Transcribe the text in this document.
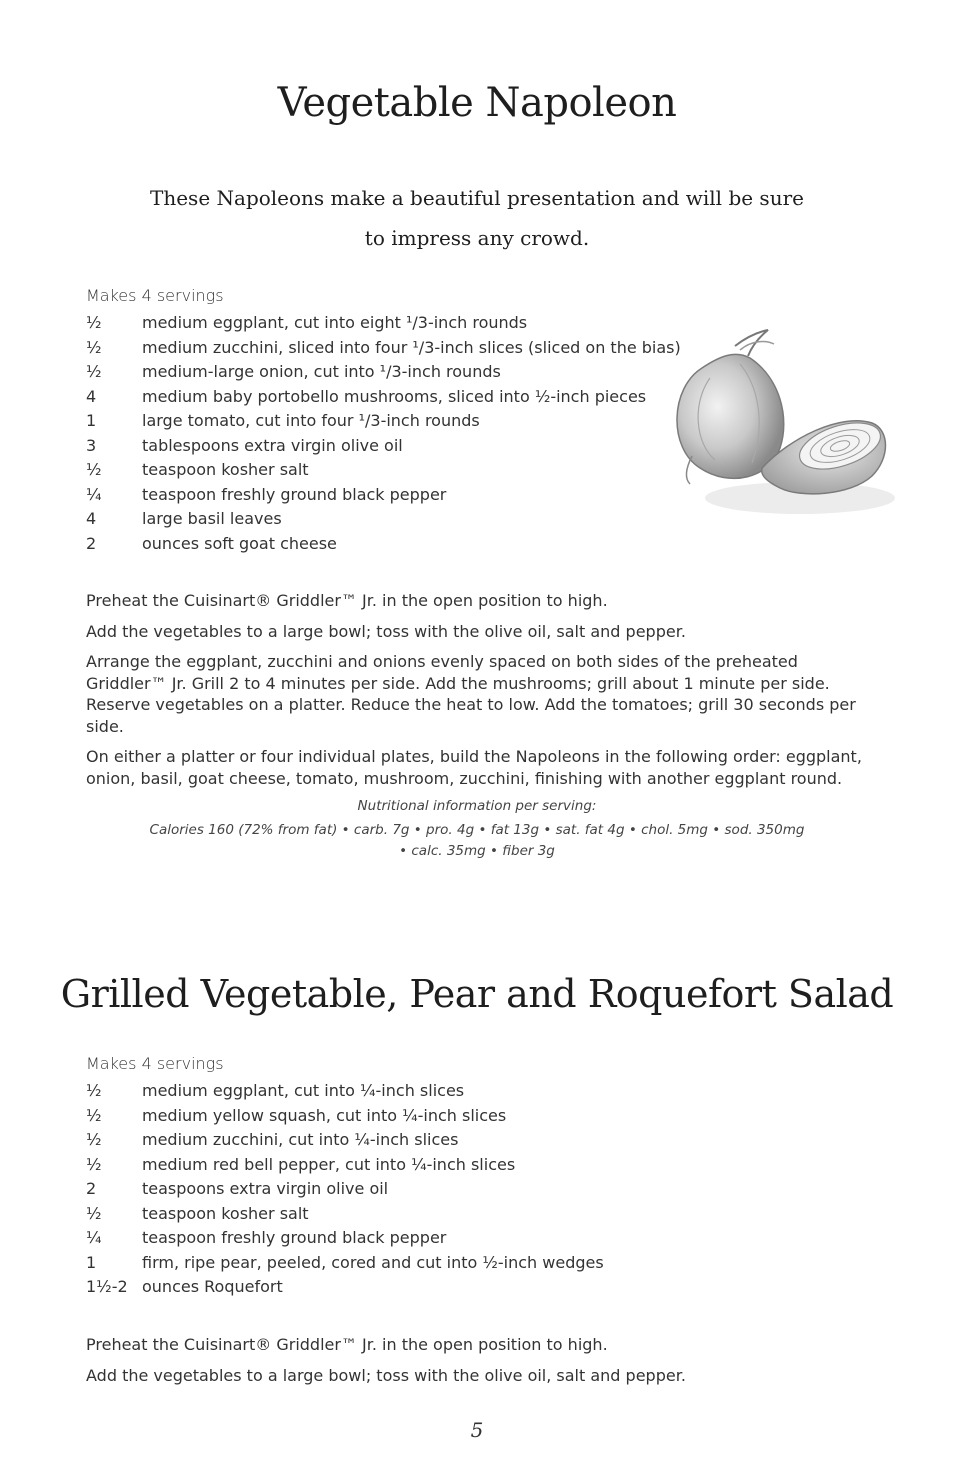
Vegetable Napoleon

These Napoleons make a beautiful presentation and will be sure to impress any crowd.

Makes 4 servings

½	medium eggplant, cut into eight ¹/3-inch rounds
½	medium zucchini, sliced into four ¹/3-inch slices (sliced on the bias)
½	medium-large onion, cut into ¹/3-inch rounds
4	medium baby portobello mushrooms, sliced into ½-inch pieces
1	large tomato, cut into four ¹/3-inch rounds
3	tablespoons extra virgin olive oil
½	teaspoon kosher salt
¼	teaspoon freshly ground black pepper
4	large basil leaves
2	ounces soft goat cheese

Preheat the Cuisinart® Griddler™ Jr. in the open position to high.

Add the vegetables to a large bowl; toss with the olive oil, salt and pepper.

Arrange the eggplant, zucchini and onions evenly spaced on both sides of the preheated Griddler™ Jr. Grill 2 to 4 minutes per side. Add the mushrooms; grill about 1 minute per side. Reserve vegetables on a platter. Reduce the heat to low. Add the tomatoes; grill 30 seconds per side.

On either a platter or four individual plates, build the Napoleons in the following order: eggplant, onion, basil, goat cheese, tomato, mushroom, zucchini, finishing with another eggplant round.

Nutritional information per serving:

Calories 160 (72% from fat) • carb. 7g • pro. 4g • fat 13g • sat. fat 4g • chol. 5mg • sod. 350mg

• calc. 35mg • fiber 3g

Grilled Vegetable, Pear and Roquefort Salad

Makes 4 servings

½	medium eggplant, cut into ¼-inch slices
½	medium yellow squash, cut into ¼-inch slices
½	medium zucchini, cut into ¼-inch slices
½	medium red bell pepper, cut into ¼-inch slices
2	teaspoons extra virgin olive oil
½	teaspoon kosher salt
¼	teaspoon freshly ground black pepper
1	firm, ripe pear, peeled, cored and cut into ½-inch wedges
1½-2 ounces Roquefort

Preheat the Cuisinart® Griddler™ Jr. in the open position to high.

Add the vegetables to a large bowl; toss with the olive oil, salt and pepper.

5
